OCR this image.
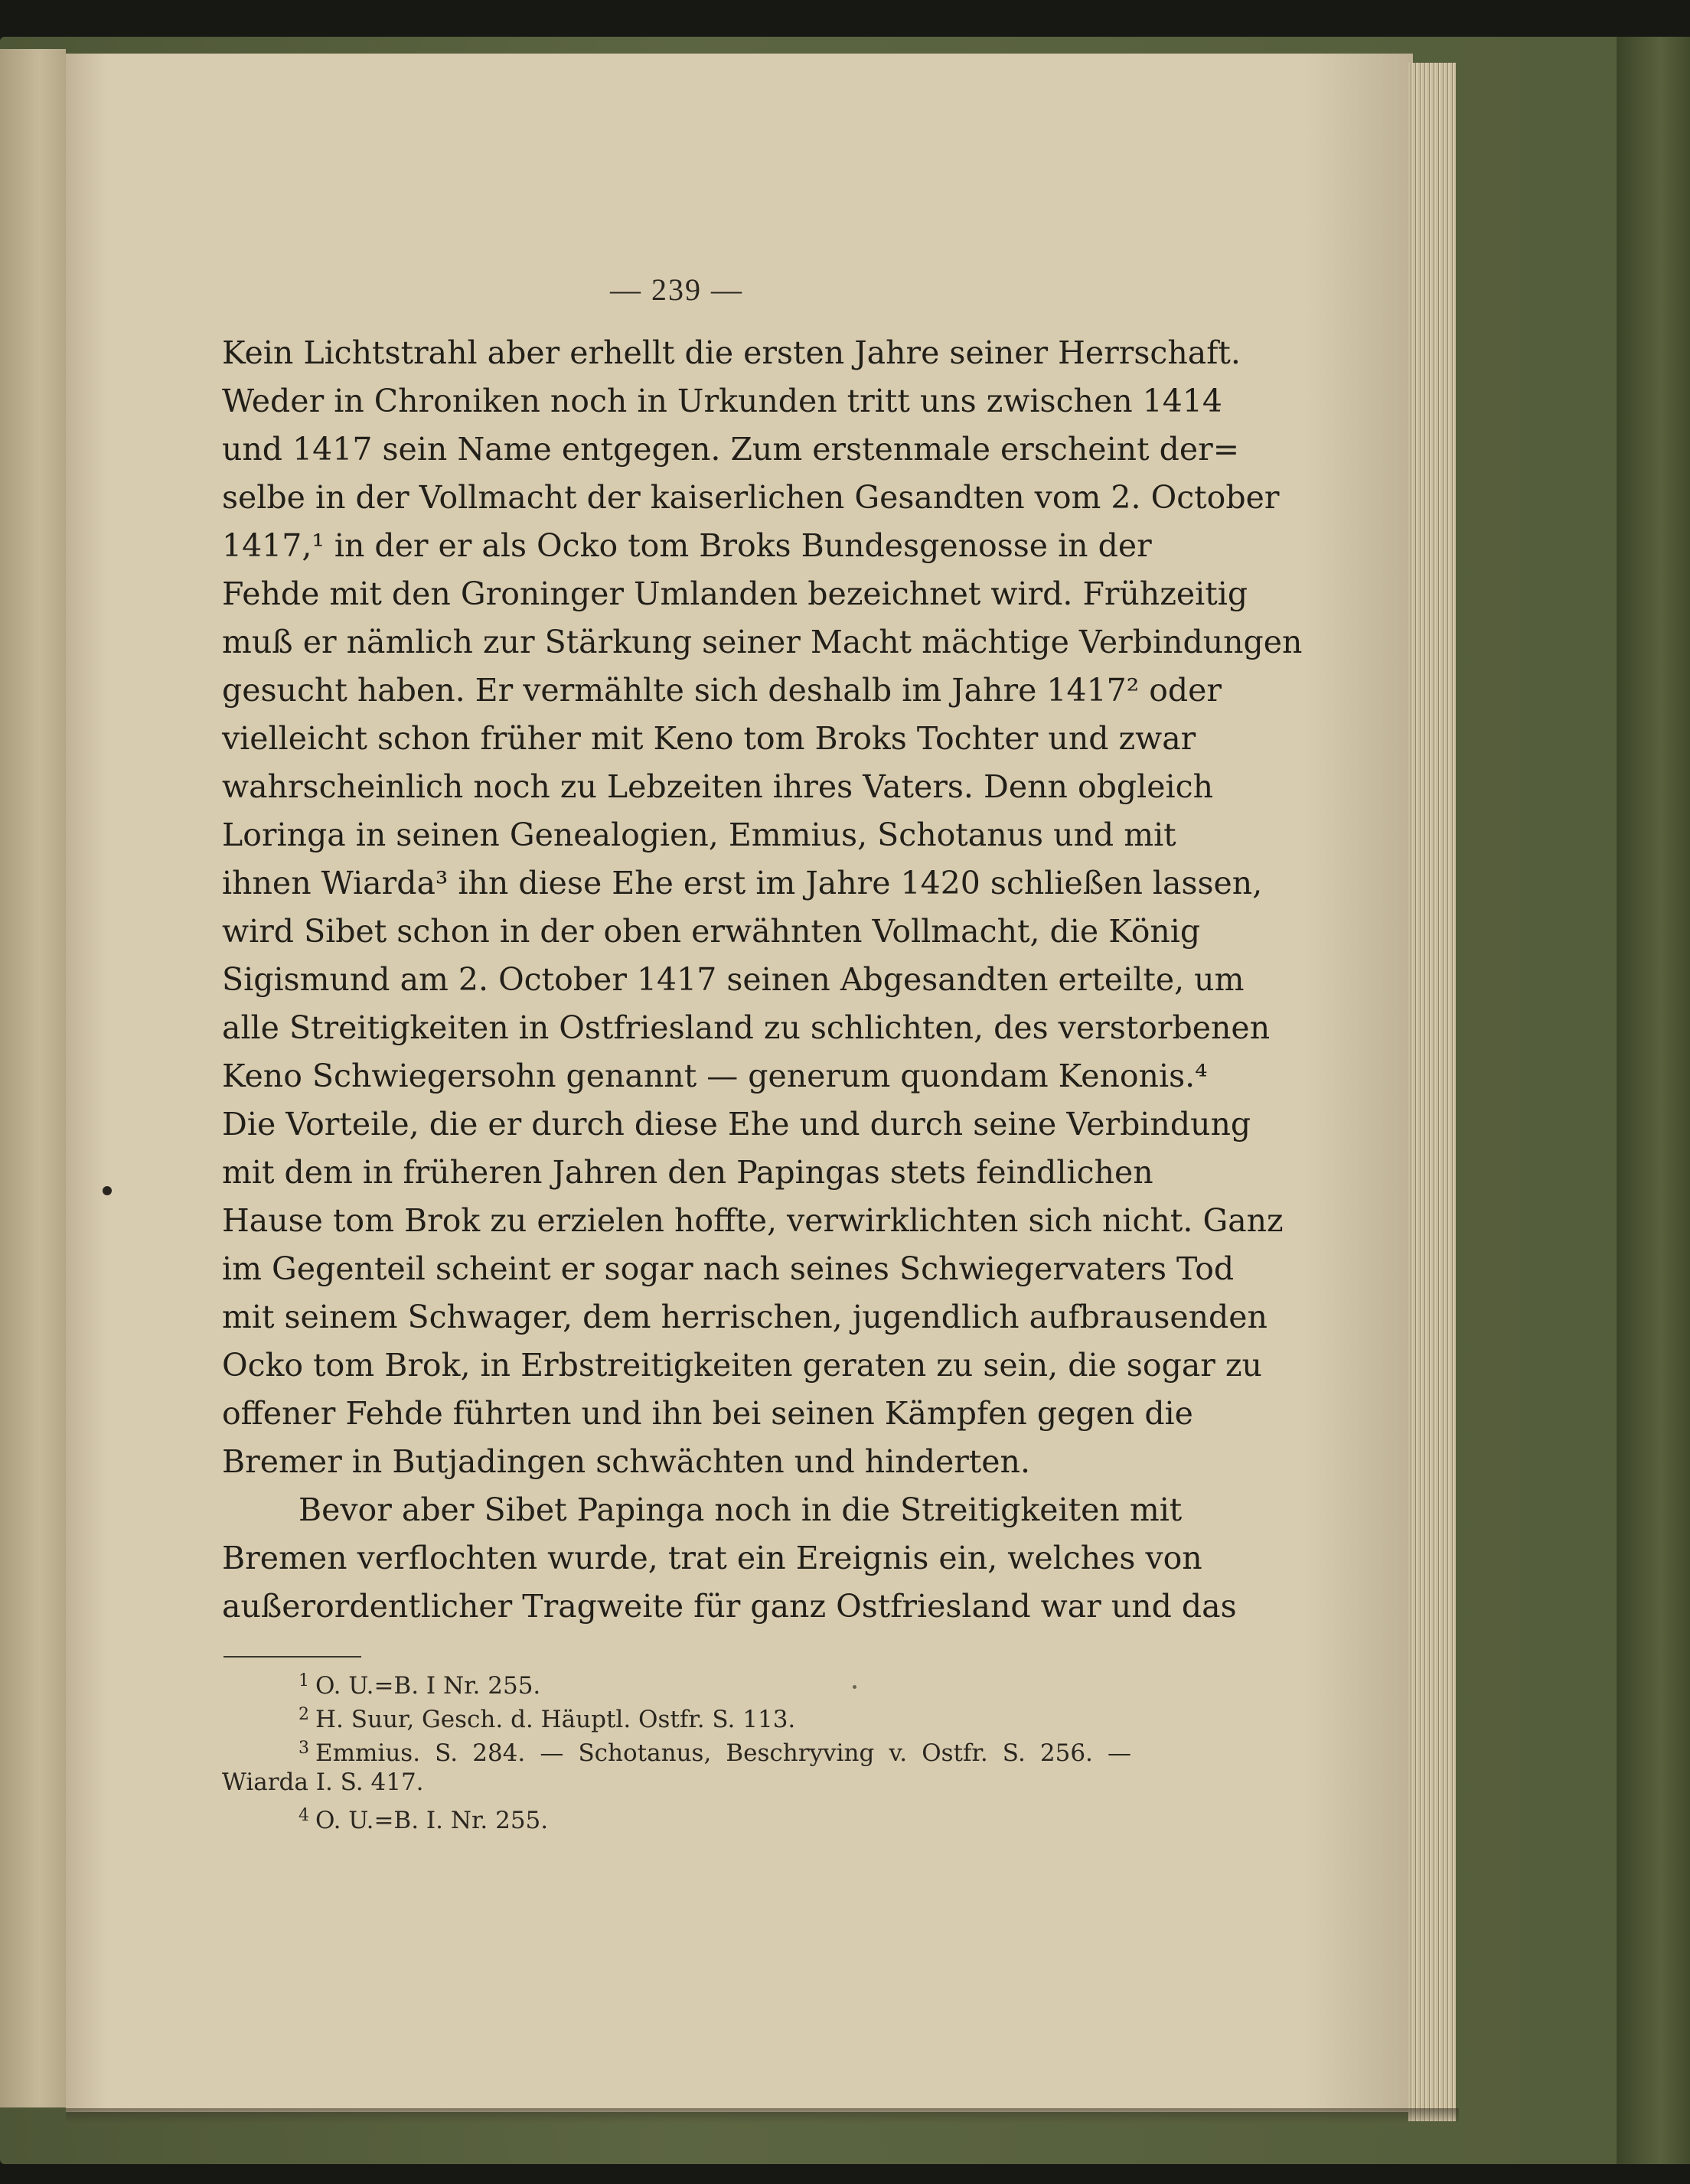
— 239 —
Kein Lichtstrahl aber erhellt die ersten Jahre seiner Herrschaft.
Weder in Chroniken noch in Urkunden tritt uns zwischen 1414
und 1417 sein Name entgegen. Zum erstenmale erscheint der=
selbe in der Vollmacht der kaiserlichen Gesandten vom 2. October
1417,¹ in der er als Ocko tom Broks Bundesgenosse in der
Fehde mit den Groninger Umlanden bezeichnet wird. Frühzeitig
muß er nämlich zur Stärkung seiner Macht mächtige Verbindungen
gesucht haben. Er vermählte sich deshalb im Jahre 1417² oder
vielleicht schon früher mit Keno tom Broks Tochter und zwar
wahrscheinlich noch zu Lebzeiten ihres Vaters. Denn obgleich
Loringa in seinen Genealogien, Emmius, Schotanus und mit
ihnen Wiarda³ ihn diese Ehe erst im Jahre 1420 schließen lassen,
wird Sibet schon in der oben erwähnten Vollmacht, die König
Sigismund am 2. October 1417 seinen Abgesandten erteilte, um
alle Streitigkeiten in Ostfriesland zu schlichten, des verstorbenen
Keno Schwiegersohn genannt — generum quondam Kenonis.⁴
Die Vorteile, die er durch diese Ehe und durch seine Verbindung
mit dem in früheren Jahren den Papingas stets feindlichen
Hause tom Brok zu erzielen hoffte, verwirklichten sich nicht. Ganz
im Gegenteil scheint er sogar nach seines Schwiegervaters Tod
mit seinem Schwager, dem herrischen, jugendlich aufbrausenden
Ocko tom Brok, in Erbstreitigkeiten geraten zu sein, die sogar zu
offener Fehde führten und ihn bei seinen Kämpfen gegen die
Bremer in Butjadingen schwächten und hinderten.
Bevor aber Sibet Papinga noch in die Streitigkeiten mit
Bremen verflochten wurde, trat ein Ereignis ein, welches von
außerordentlicher Tragweite für ganz Ostfriesland war und das
$^1$ O. U.=B. I Nr. 255.
$^2$ H. Suur, Gesch. d. Häuptl. Ostfr. S. 113.
$^3$ Emmius. S. 284. — Schotanus, Beschryving v. Ostfr. S. 256. —
Wiarda I. S. 417.
$^4$ O. U.=B. I. Nr. 255.
